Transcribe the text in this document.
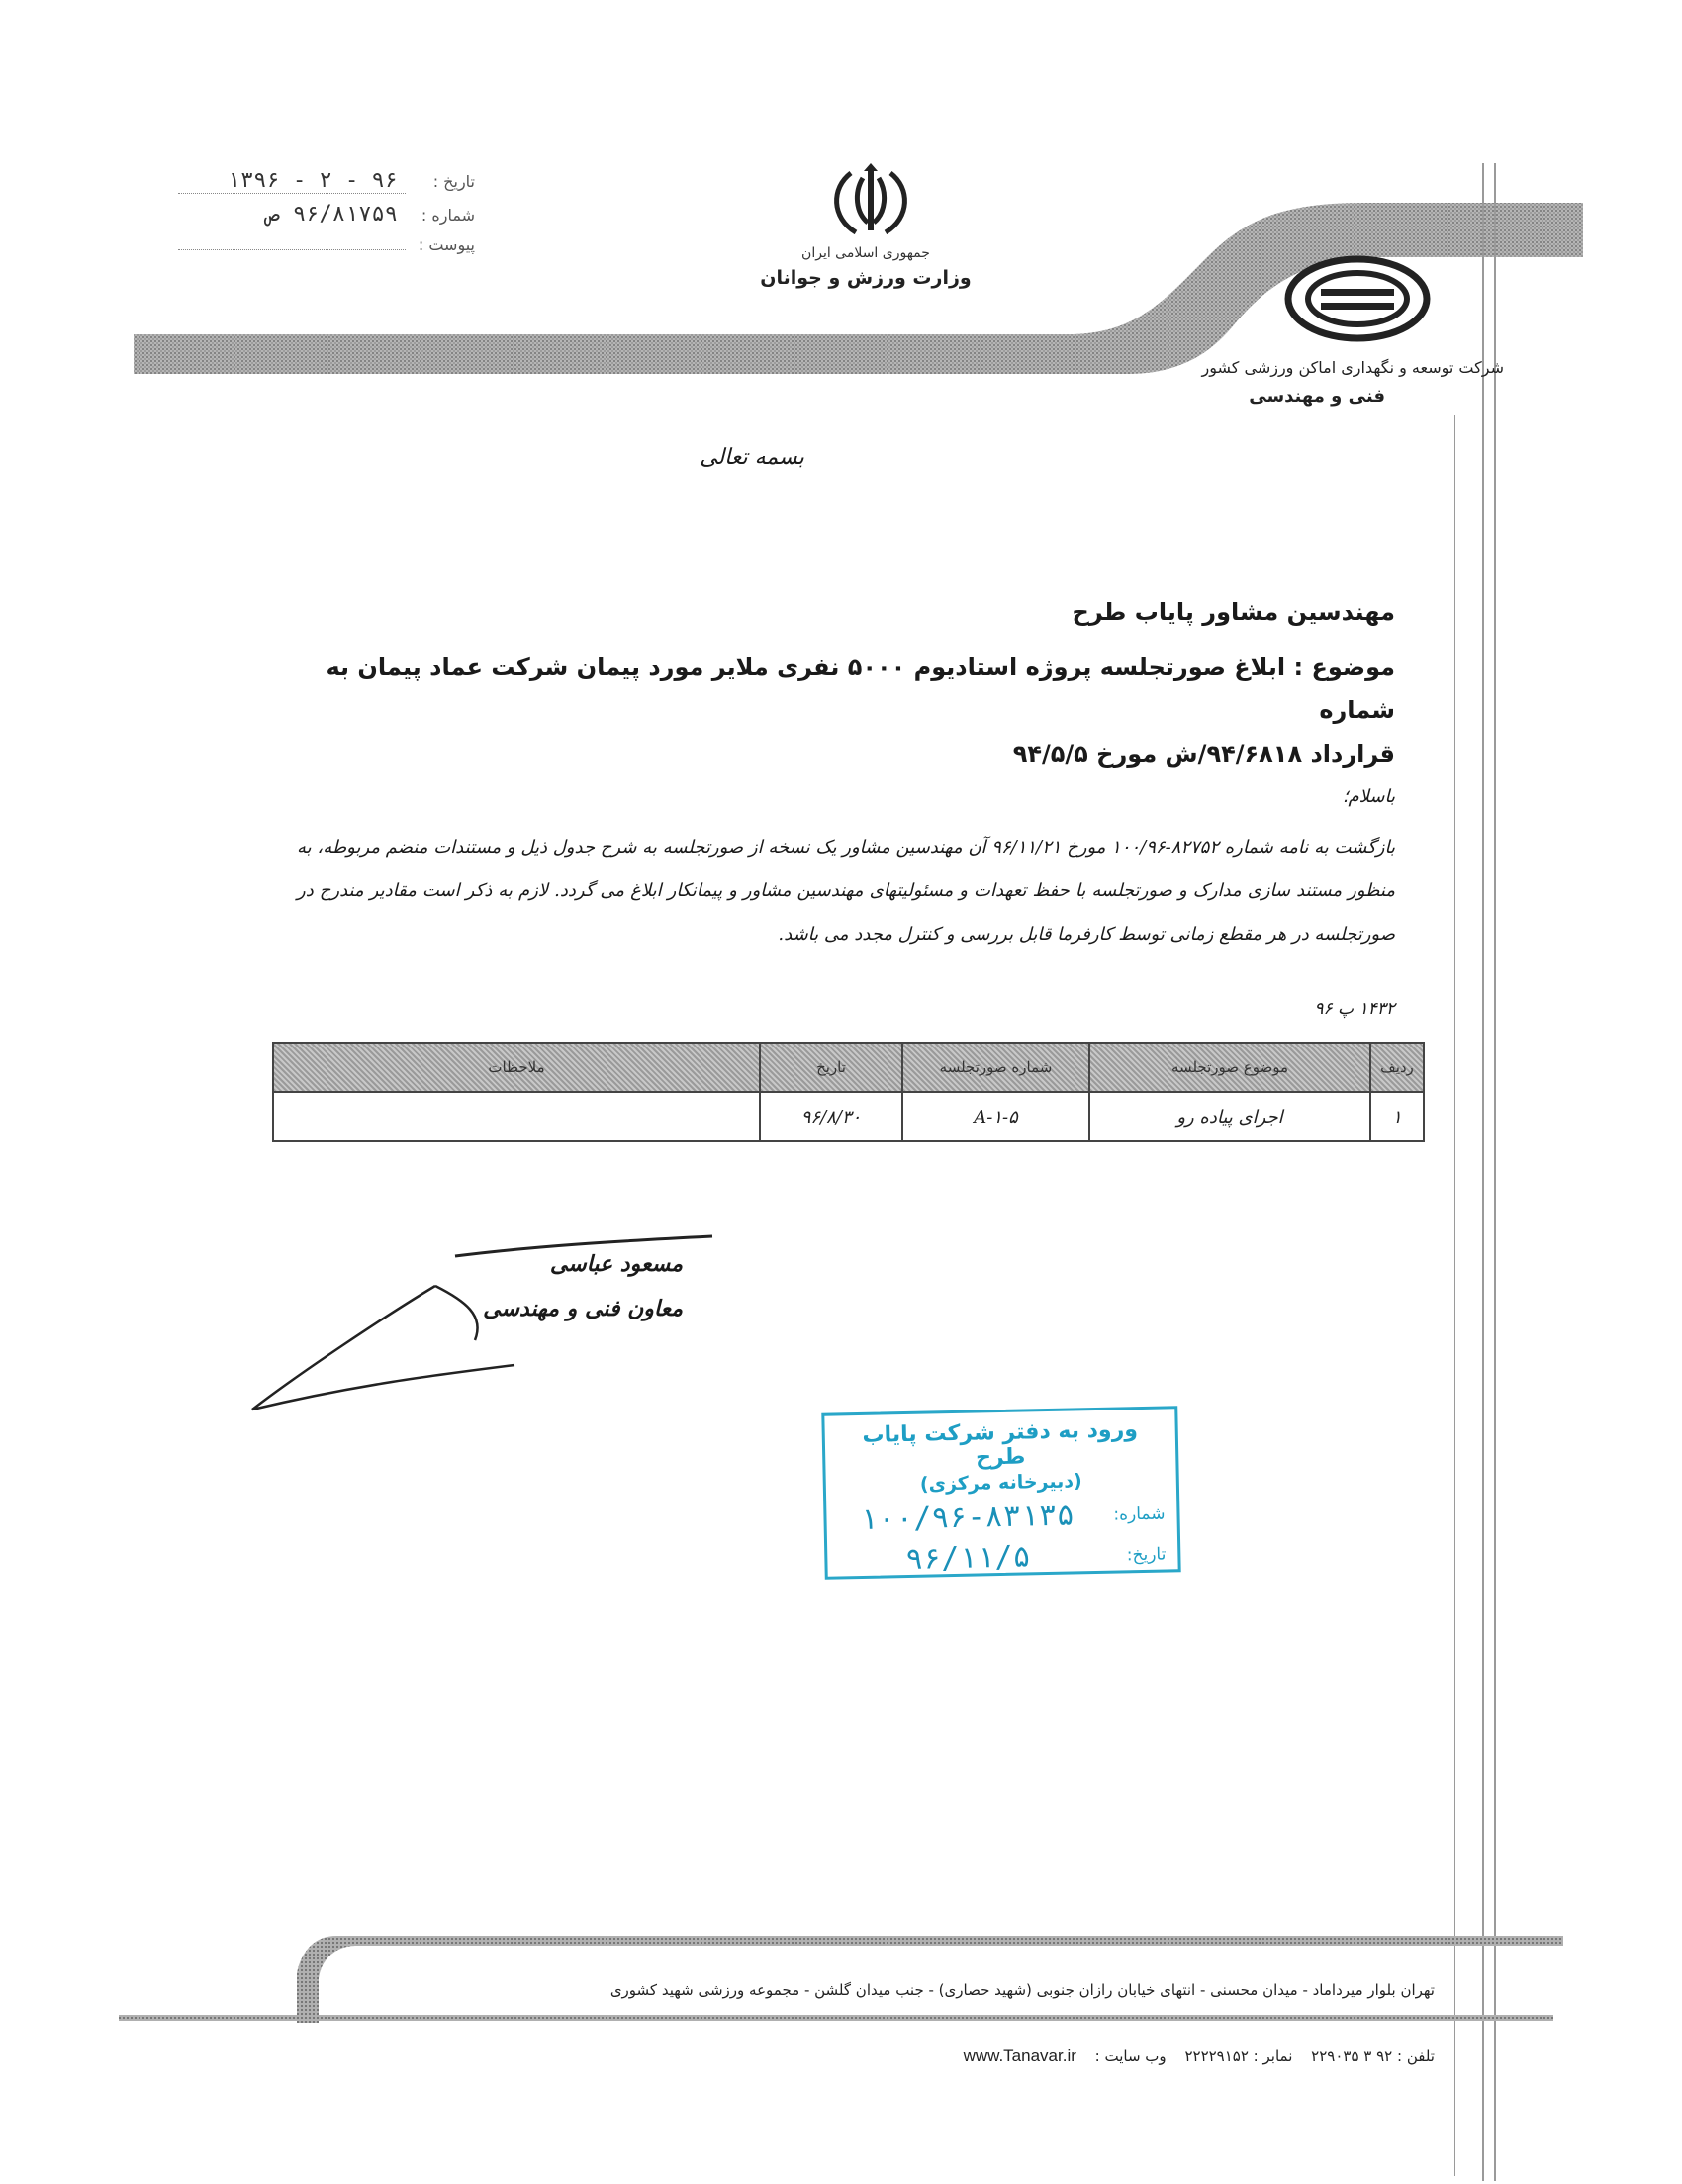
تاریخ :
۹۶ - ۲ - ۱۳۹۶
شماره :
۹۶/۸۱۷۵۹ ص
پیوست :	جمهوری اسلامی ایران
وزارت ورزش و جوانان
شرکت توسعه و نگهداری اماکن ورزشی کشور
فنی و مهندسی
بسمه تعالی
مهندسین مشاور پایاب طرح
موضوع : ابلاغ صورتجلسه پروژه استادیوم ۵۰۰۰ نفری ملایر مورد پیمان شرکت عماد پیمان به شماره
قرارداد ۹۴/۶۸۱۸/ش مورخ ۹۴/۵/۵
باسلام؛
بازگشت به نامه شماره ۸۲۷۵۲-۱۰۰/۹۶ مورخ ۹۶/۱۱/۲۱ آن مهندسین مشاور یک نسخه از صورتجلسه به شرح جدول ذیل و مستندات منضم مربوطه، به منظور مستند سازی مدارک و صورتجلسه با حفظ تعهدات و مسئولیتهای مهندسین مشاور و پیمانکار ابلاغ می گردد. لازم به ذکر است مقادیر مندرج در صورتجلسه در هر مقطع زمانی توسط کارفرما قابل بررسی و کنترل مجدد می باشد.
۱۴۳۲ پ ۹۶
ردیف	موضوع صورتجلسه	شماره صورتجلسه	تاریخ	ملاحظات
۱	اجرای پیاده رو	A-۱-۵	۹۶/۸/۳۰	
مسعود عباسی
معاون فنی و مهندسی
ورود به دفتر شرکت پایاب طرح
(دبیرخانه مرکزی)
شماره:
۱۰۰/۹۶-۸۳۱۳۵
تاریخ:
۹۶/۱۱/۵
تهران بلوار میرداماد - میدان محسنی - انتهای خیابان رازان جنوبی (شهید حصاری) - جنب میدان گلشن - مجموعه ورزشی شهید کشوری
تلفن : ۹۲ ۳ ۲۲۹۰۳۵ نمابر : ۲۲۲۲۹۱۵۲ وب سایت : www.Tanavar.ir
